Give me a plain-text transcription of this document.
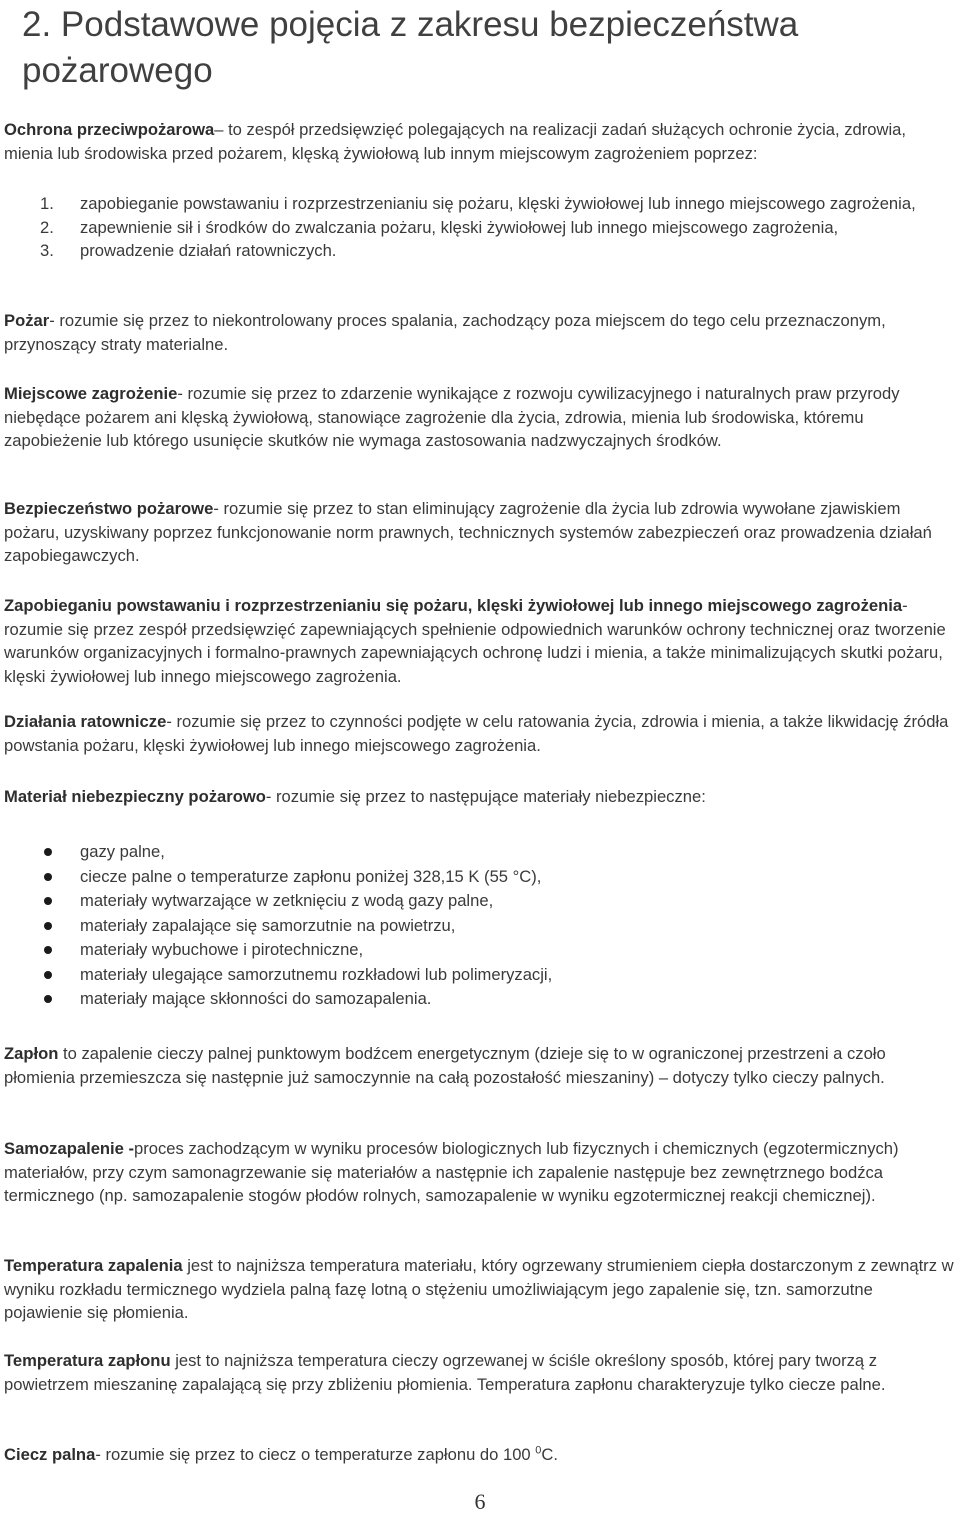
2. Podstawowe pojęcia z zakresu bezpieczeństwa pożarowego
Ochrona przeciwpożarowa– to zespół przedsięwzięć polegających na realizacji zadań służących ochronie życia, zdrowia, mienia lub środowiska przed pożarem, klęską żywiołową lub innym miejscowym zagrożeniem poprzez:
1. zapobieganie powstawaniu i rozprzestrzenianiu się pożaru, klęski żywiołowej lub innego miejscowego zagrożenia,
2. zapewnienie sił i środków do zwalczania pożaru, klęski żywiołowej lub innego miejscowego zagrożenia,
3. prowadzenie działań ratowniczych.
Pożar- rozumie się przez to niekontrolowany proces spalania, zachodzący poza miejscem do tego celu przeznaczonym, przynoszący straty materialne.
Miejscowe zagrożenie- rozumie się przez to zdarzenie wynikające z rozwoju cywilizacyjnego i naturalnych praw przyrody niebędące pożarem ani klęską żywiołową, stanowiące zagrożenie dla życia, zdrowia, mienia lub środowiska, któremu zapobieżenie lub którego usunięcie skutków nie wymaga zastosowania nadzwyczajnych środków.
Bezpieczeństwo pożarowe- rozumie się przez to stan eliminujący zagrożenie dla życia lub zdrowia wywołane zjawiskiem pożaru, uzyskiwany poprzez funkcjonowanie norm prawnych, technicznych systemów zabezpieczeń oraz prowadzenia działań zapobiegawczych.
Zapobieganiu powstawaniu i rozprzestrzenianiu się pożaru, klęski żywiołowej lub innego miejscowego zagrożenia- rozumie się przez zespół przedsięwzięć zapewniających spełnienie odpowiednich warunków ochrony technicznej oraz tworzenie warunków organizacyjnych i formalno-prawnych zapewniających ochronę ludzi i mienia, a także minimalizujących skutki pożaru, klęski żywiołowej lub innego miejscowego zagrożenia.
Działania ratownicze- rozumie się przez to czynności podjęte w celu ratowania życia, zdrowia i mienia, a także likwidację źródła powstania pożaru, klęski żywiołowej lub innego miejscowego zagrożenia.
Materiał niebezpieczny pożarowo- rozumie się przez to następujące materiały niebezpieczne:
gazy palne,
ciecze palne o temperaturze zapłonu poniżej 328,15 K (55 °C),
materiały wytwarzające w zetknięciu z wodą gazy palne,
materiały zapalające się samorzutnie na powietrzu,
materiały wybuchowe i pirotechniczne,
materiały ulegające samorzutnemu rozkładowi lub polimeryzacji,
materiały mające skłonności do samozapalenia.
Zapłon to zapalenie cieczy palnej punktowym bodźcem energetycznym (dzieje się to w ograniczonej przestrzeni a czoło płomienia przemieszcza się następnie już samoczynnie na całą pozostałość mieszaniny) – dotyczy tylko cieczy palnych.
Samozapalenie -proces zachodzącym w wyniku procesów biologicznych lub fizycznych i chemicznych (egzotermicznych) materiałów, przy czym samonagrzewanie się materiałów a następnie ich zapalenie następuje bez zewnętrznego bodźca termicznego (np. samozapalenie stogów płodów rolnych, samozapalenie w wyniku egzotermicznej reakcji chemicznej).
Temperatura zapalenia jest to najniższa temperatura materiału, który ogrzewany strumieniem ciepła dostarczonym z zewnątrz w wyniku rozkładu termicznego wydziela palną fazę lotną o stężeniu umożliwiającym jego zapalenie się, tzn. samorzutne pojawienie się płomienia.
Temperatura zapłonu jest to najniższa temperatura cieczy ogrzewanej w ściśle określony sposób, której pary tworzą z powietrzem mieszaninę zapalającą się przy zbliżeniu płomienia. Temperatura zapłonu charakteryzuje tylko ciecze palne.
Ciecz palna- rozumie się przez to ciecz o temperaturze zapłonu do 100 $^0$C.
6
